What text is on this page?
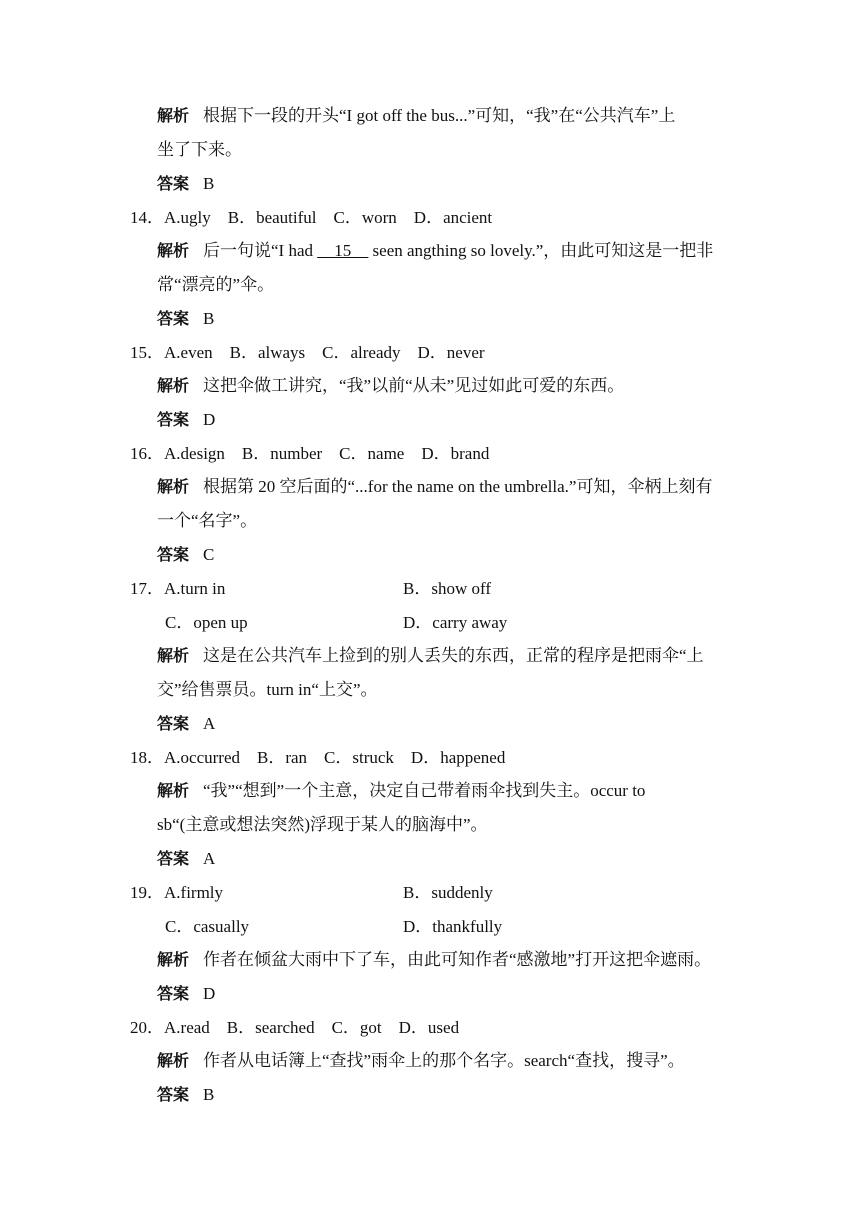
解析 根据下一段的开头“I got off the bus...”可知，“我”在“公共汽车”上
坐了下来。
答案 B
14．A.ugly　B．beautiful　C．worn　D．ancient
解析 后一句说“I had __15__ seen angthing so lovely.”，由此可知这是一把非
常“漂亮的”伞。
答案 B
15．A.even　B．always　C．already　D．never
解析 这把伞做工讲究，“我”以前“从未”见过如此可爱的东西。
答案 D
16．A.design　B．number　C．name　D．brand
解析 根据第 20 空后面的“...for the name on the umbrella.”可知，伞柄上刻有
一个“名字”。
答案 C
17．A.turn in	B．show off
C．open up	D．carry away
解析 这是在公共汽车上捡到的别人丢失的东西，正常的程序是把雨伞“上
交”给售票员。turn in“上交”。
答案 A
18．A.occurred　B．ran　C．struck　D．happened
解析 “我”“想到”一个主意，决定自己带着雨伞找到失主。occur to
sb“(主意或想法突然)浮现于某人的脑海中”。
答案 A
19．A.firmly	B．suddenly
C．casually	D．thankfully
解析 作者在倾盆大雨中下了车，由此可知作者“感激地”打开这把伞遮雨。
答案 D
20．A.read　B．searched　C．got　D．used
解析 作者从电话簿上“查找”雨伞上的那个名字。search“查找，搜寻”。
答案 B
